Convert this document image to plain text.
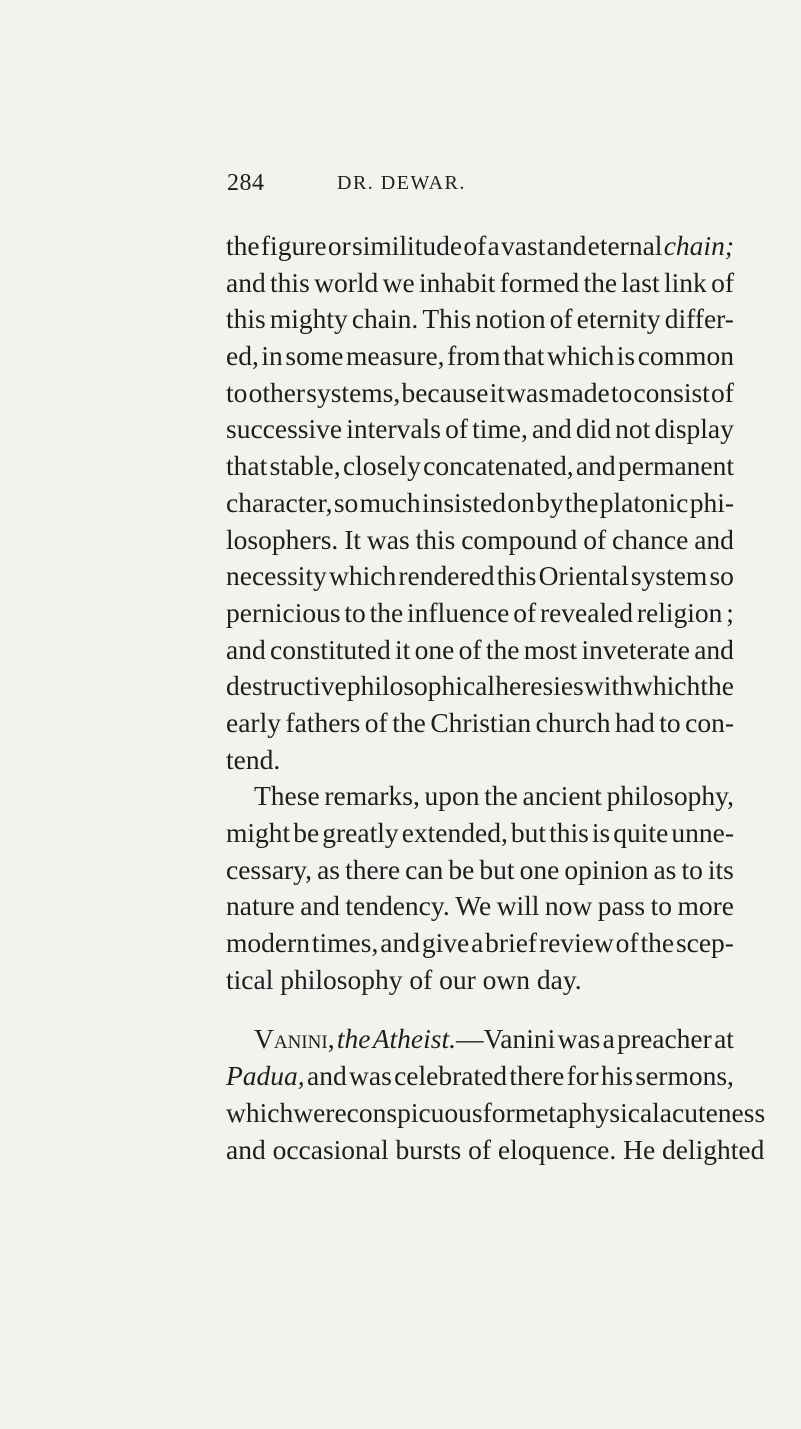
284	DR. DEWAR.
the figure or similitude of a vast and eternal chain;
and this world we inhabit formed the last link of
this mighty chain. This notion of eternity differ-
ed, in some measure, from that which is common
to other systems, because it was made to consist of
successive intervals of time, and did not display
that stable, closely concatenated, and permanent
character, so much insisted on by the platonic phi-
losophers. It was this compound of chance and
necessity which rendered this Oriental system so
pernicious to the influence of revealed religion ;
and constituted it one of the most inveterate and
destructive philosophical heresies with which the
early fathers of the Christian church had to con-
tend.
These remarks, upon the ancient philosophy,
might be greatly extended, but this is quite unne-
cessary, as there can be but one opinion as to its
nature and tendency. We will now pass to more
modern times, and give a brief review of the scep-
tical philosophy of our own day.
Vanini, the Atheist.—Vanini was a preacher at
Padua, and was celebrated there for his sermons,
which were conspicuous for metaphysical acuteness
and occasional bursts of eloquence. He delighted
